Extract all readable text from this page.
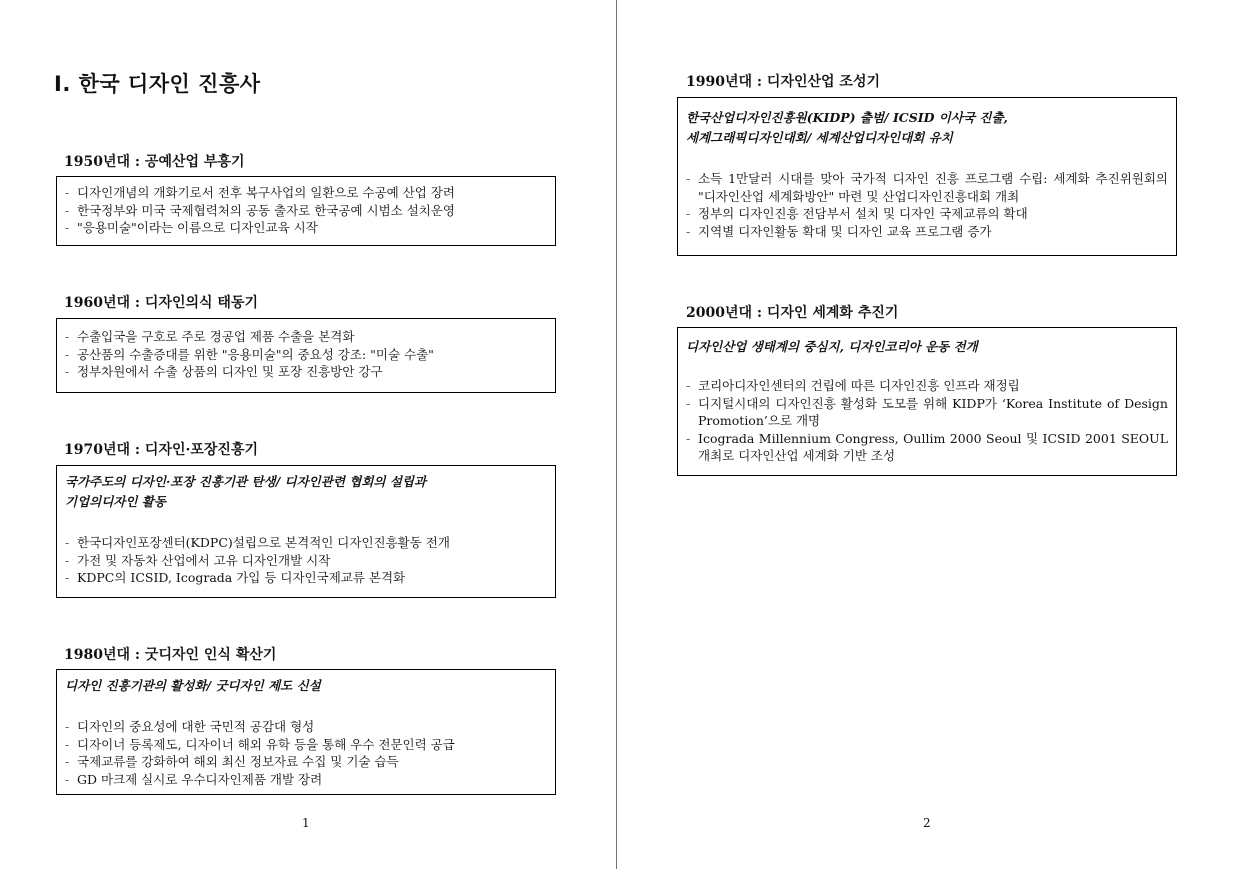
I. 한국 디자인 진흥사
1950년대 : 공예산업 부흥기
- 디자인개념의 개화기로서 전후 복구사업의 일환으로 수공예 산업 장려
- 한국정부와 미국 국제협력처의 공동 출자로 한국공예 시범소 설치운영
- "응용미술"이라는 이름으로 디자인교육 시작
1960년대 : 디자인의식 태동기
- 수출입국을 구호로 주로 경공업 제품 수출을 본격화
- 공산품의 수출증대를 위한 "응용미술"의 중요성 강조: "미술 수출"
- 정부차원에서 수출 상품의 디자인 및 포장 진흥방안 강구
1970년대 : 디자인·포장진흥기
국가주도의 디자인·포장 진흥기관 탄생/ 디자인관련 협회의 설립과
기업의디자인 활동
- 한국디자인포장센터(KDPC)설립으로 본격적인 디자인진흥활동 전개
- 가전 및 자동차 산업에서 고유 디자인개발 시작
- KDPC의 ICSID, Icograda 가입 등 디자인국제교류 본격화
1980년대 : 굿디자인 인식 확산기
디자인 진흥기관의 활성화/ 굿디자인 제도 신설
- 디자인의 중요성에 대한 국민적 공감대 형성
- 디자이너 등록제도, 디자이너 해외 유학 등을 통해 우수 전문인력 공급
- 국제교류를 강화하여 해외 최신 정보자료 수집 및 기술 습득
- GD 마크제 실시로 우수디자인제품 개발 장려
1
1990년대 : 디자인산업 조성기
한국산업디자인진흥원(KIDP) 출범/ ICSID 이사국 진출,
세계그래픽디자인대회/ 세계산업디자인대회 유치
- 소득 1만달러 시대를 맞아 국가적 디자인 진흥 프로그램 수립: 세계화 추진위원회의 "디자인산업 세계화방안" 마련 및 산업디자인진흥대회 개최
- 정부의 디자인진흥 전담부서 설치 및 디자인 국제교류의 확대
- 지역별 디자인활동 확대 및 디자인 교육 프로그램 증가
2000년대 : 디자인 세계화 추진기
디자인산업 생태계의 중심지, 디자인코리아 운동 전개
- 코리아디자인센터의 건립에 따른 디자인진흥 인프라 재정립
- 디지털시대의 디자인진흥 활성화 도모를 위해 KIDP가 ‘Korea Institute of Design Promotion’으로 개명
- Icograda Millennium Congress, Oullim 2000 Seoul 및 ICSID 2001 SEOUL 개최로 디자인산업 세계화 기반 조성
2
